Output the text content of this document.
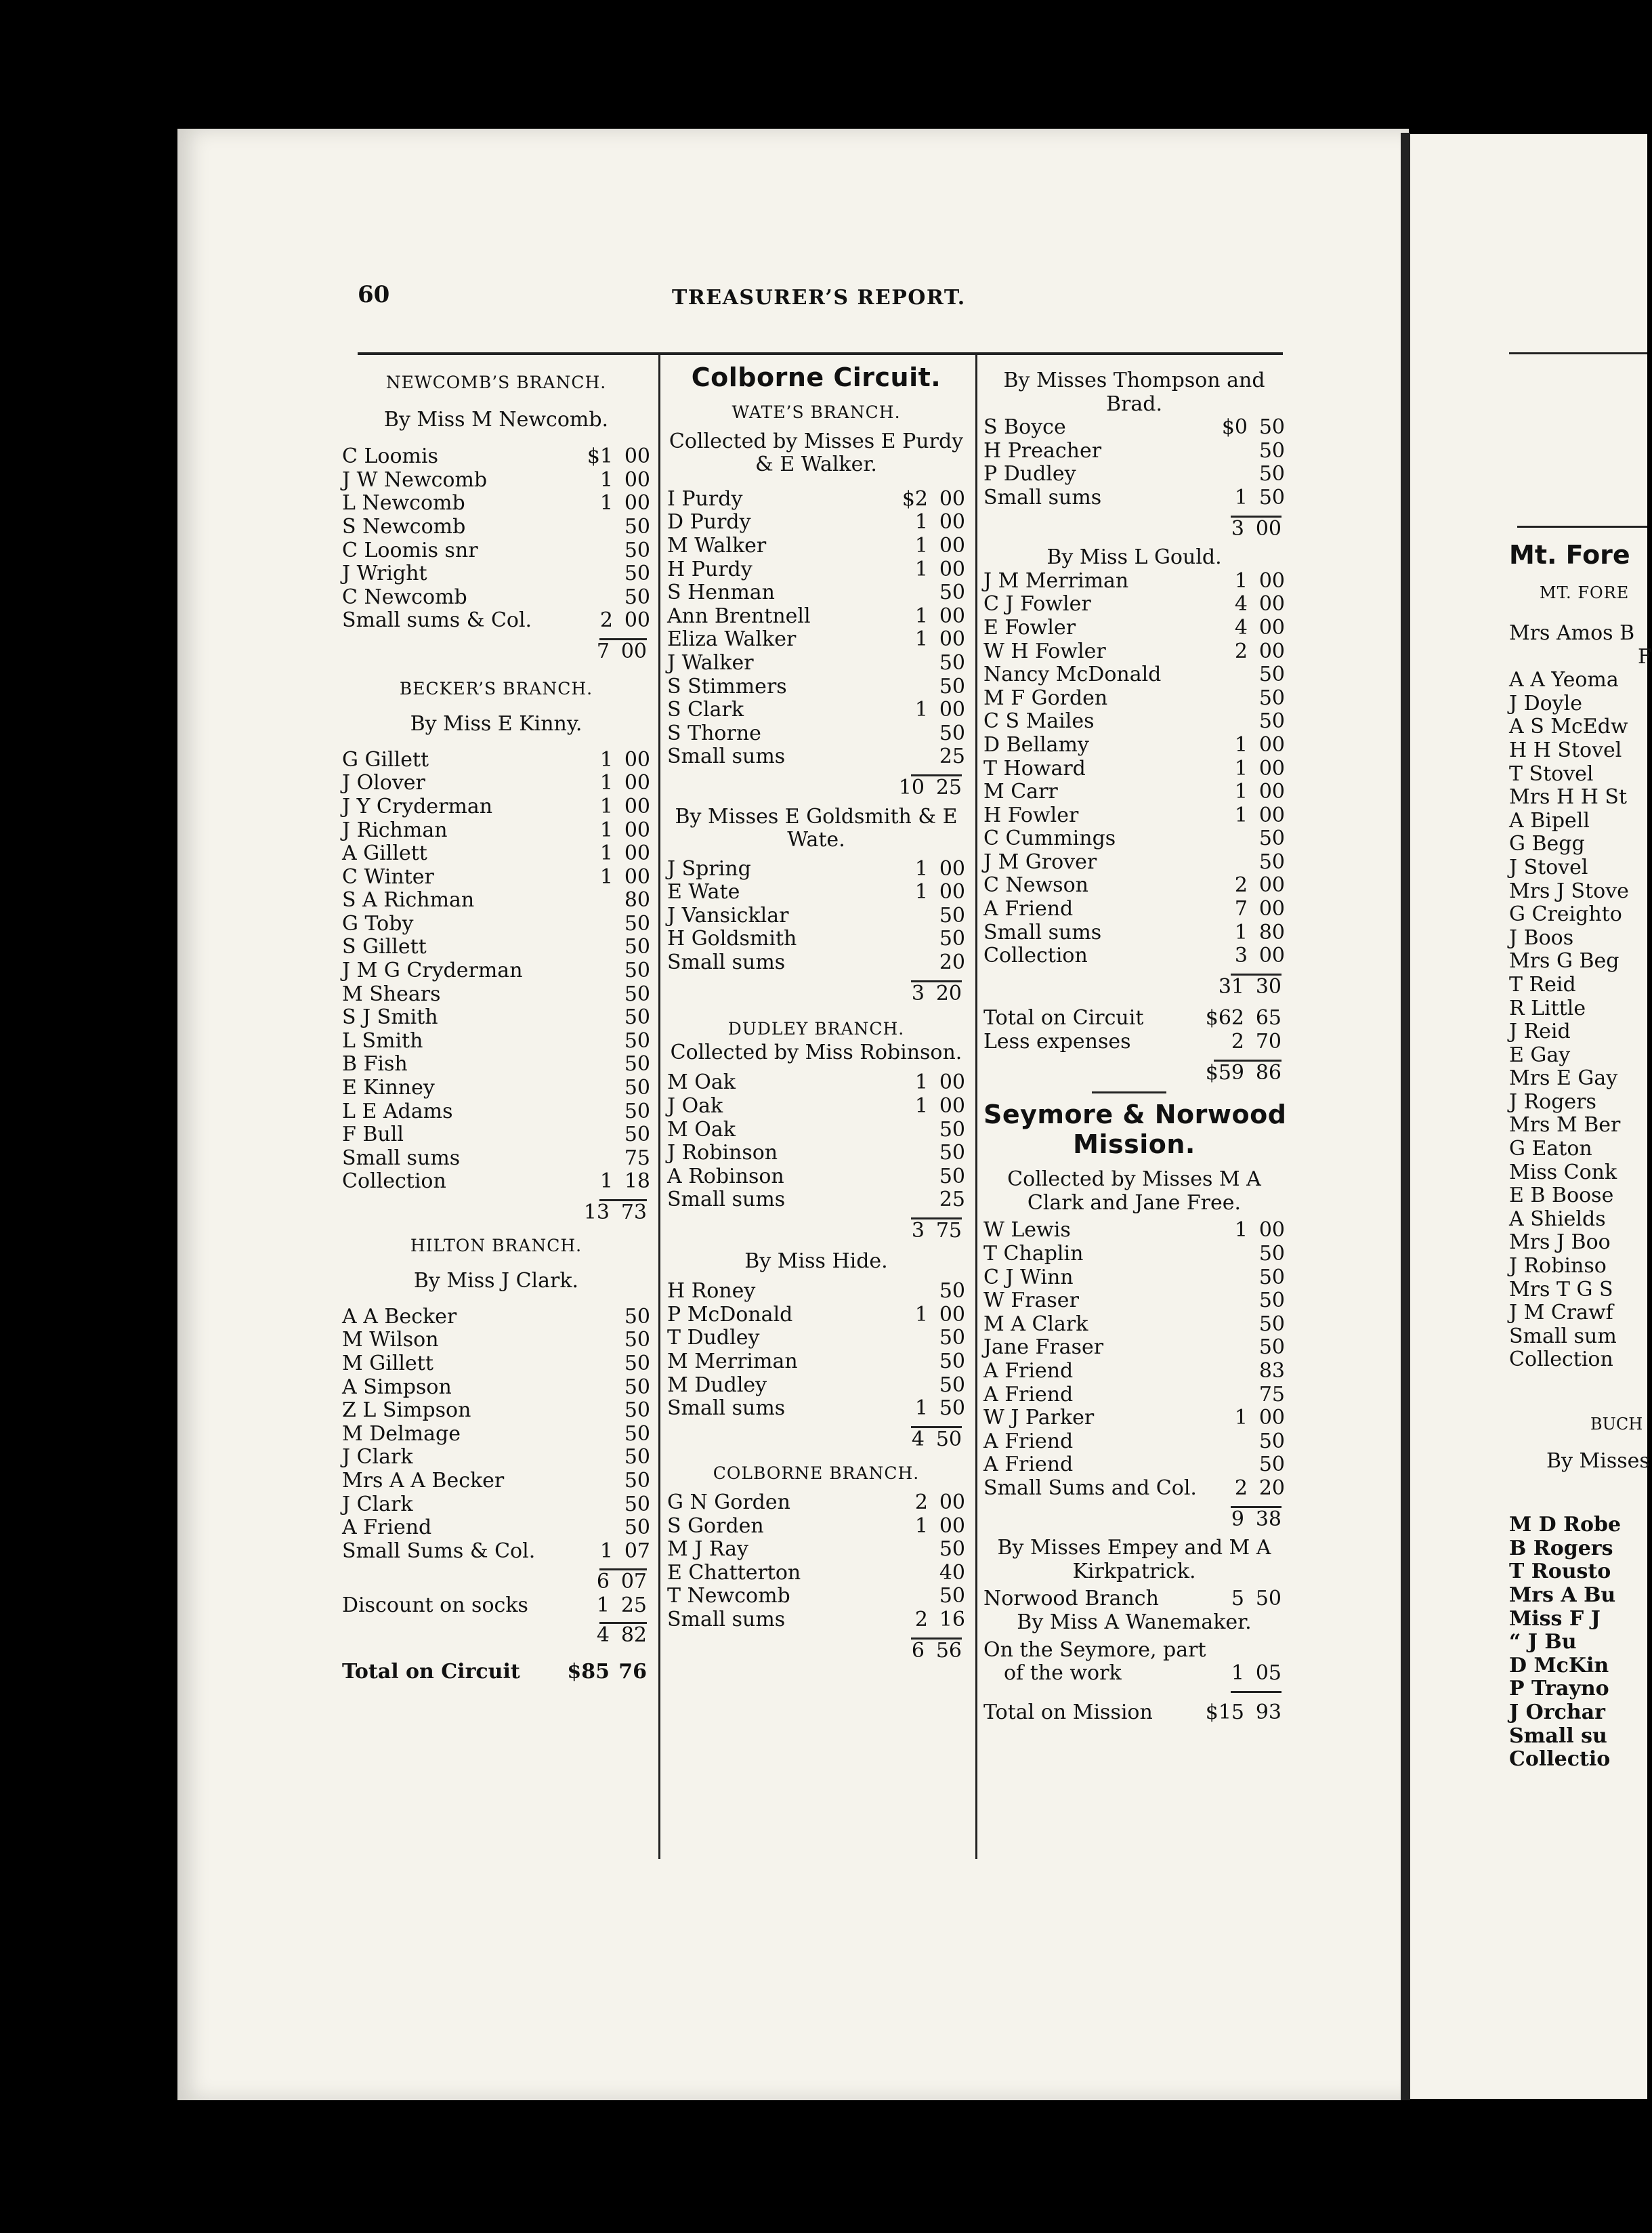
60	TREASURER’S REPORT.
NEWCOMB’S BRANCH.
By Miss M Newcomb.
C Loomis	$1 00
J W Newcomb	1 00
L Newcomb	1 00
S Newcomb	50
C Loomis snr	50
J Wright	50
C Newcomb	50
Small sums & Col.	2 00
7 00
BECKER’S BRANCH.
By Miss E Kinny.
G Gillett	1 00
J Olover	1 00
J Y Cryderman	1 00
J Richman	1 00
A Gillett	1 00
C Winter	1 00
S A Richman	80
G Toby	50
S Gillett	50
J M G Cryderman	50
M Shears	50
S J Smith	50
L Smith	50
B Fish	50
E Kinney	50
L E Adams	50
F Bull	50
Small sums	75
Collection	1 18
13 73
HILTON BRANCH.
By Miss J Clark.
A A Becker	50
M Wilson	50
M Gillett	50
A Simpson	50
Z L Simpson	50
M Delmage	50
J Clark	50
Mrs A A Becker	50
J Clark	50
A Friend	50
Small Sums & Col.	1 07
6 07
Discount on socks	1 25
4 82
Total on Circuit	$85 76
Colborne Circuit.
WATE’S BRANCH.
Collected by Misses E Purdy & E Walker.
I Purdy	$2 00
D Purdy	1 00
M Walker	1 00
H Purdy	1 00
S Henman	50
Ann Brentnell	1 00
Eliza Walker	1 00
J Walker	50
S Stimmers	50
S Clark	1 00
S Thorne	50
Small sums	25
10 25
By Misses E Goldsmith & E Wate.
J Spring	1 00
E Wate	1 00
J Vansicklar	50
H Goldsmith	50
Small sums	20
3 20
DUDLEY BRANCH.
Collected by Miss Robinson.
M Oak	1 00
J Oak	1 00
M Oak	50
J Robinson	50
A Robinson	50
Small sums	25
3 75
By Miss Hide.
H Roney	50
P McDonald	1 00
T Dudley	50
M Merriman	50
M Dudley	50
Small sums	1 50
4 50
COLBORNE BRANCH.
G N Gorden	2 00
S Gorden	1 00
M J Ray	50
E Chatterton	40
T Newcomb	50
Small sums	2 16
6 56
By Misses Thompson and Brad.
S Boyce	$0 50
H Preacher	50
P Dudley	50
Small sums	1 50
3 00
By Miss L Gould.
J M Merriman	1 00
C J Fowler	4 00
E Fowler	4 00
W H Fowler	2 00
Nancy McDonald	50
M F Gorden	50
C S Mailes	50
D Bellamy	1 00
T Howard	1 00
M Carr	1 00
H Fowler	1 00
C Cummings	50
J M Grover	50
C Newson	2 00
A Friend	7 00
Small sums	1 80
Collection	3 00
31 30
Total on Circuit	$62 65
Less expenses	2 70
$59 86
Seymore & Norwood
Mission.
Collected by Misses M A Clark and Jane Free.
W Lewis	1 00
T Chaplin	50
C J Winn	50
W Fraser	50
M A Clark	50
Jane Fraser	50
A Friend	83
A Friend	75
W J Parker	1 00
A Friend	50
A Friend	50
Small Sums and Col.	2 20
9 38
By Misses Empey and M A Kirkpatrick.
Norwood Branch	5 50
By Miss A Wanemaker.
On the Seymore, part
of the work	1 05
Total on Mission	$15 93
Mt. Fore
MT. FORE
Mrs Amos B
F
A A Yeoma
J Doyle
A S McEdw
H H Stovel
T Stovel
Mrs H H St
A Bipell
G Begg
J Stovel
Mrs J Stove
G Creighto
J Boos
Mrs G Beg
T Reid
R Little
J Reid
E Gay
Mrs E Gay
J Rogers
Mrs M Ber
G Eaton
Miss Conk
E B Boose
A Shields
Mrs J Boo
J Robinso
Mrs T G S
J M Crawf
Small sum
Collection
BUCH
By Misses
M D Robe
B Rogers
T Rousto
Mrs A Bu
Miss F J
“ J Bu
D McKin
P Trayno
J Orchar
Small su
Collectio
